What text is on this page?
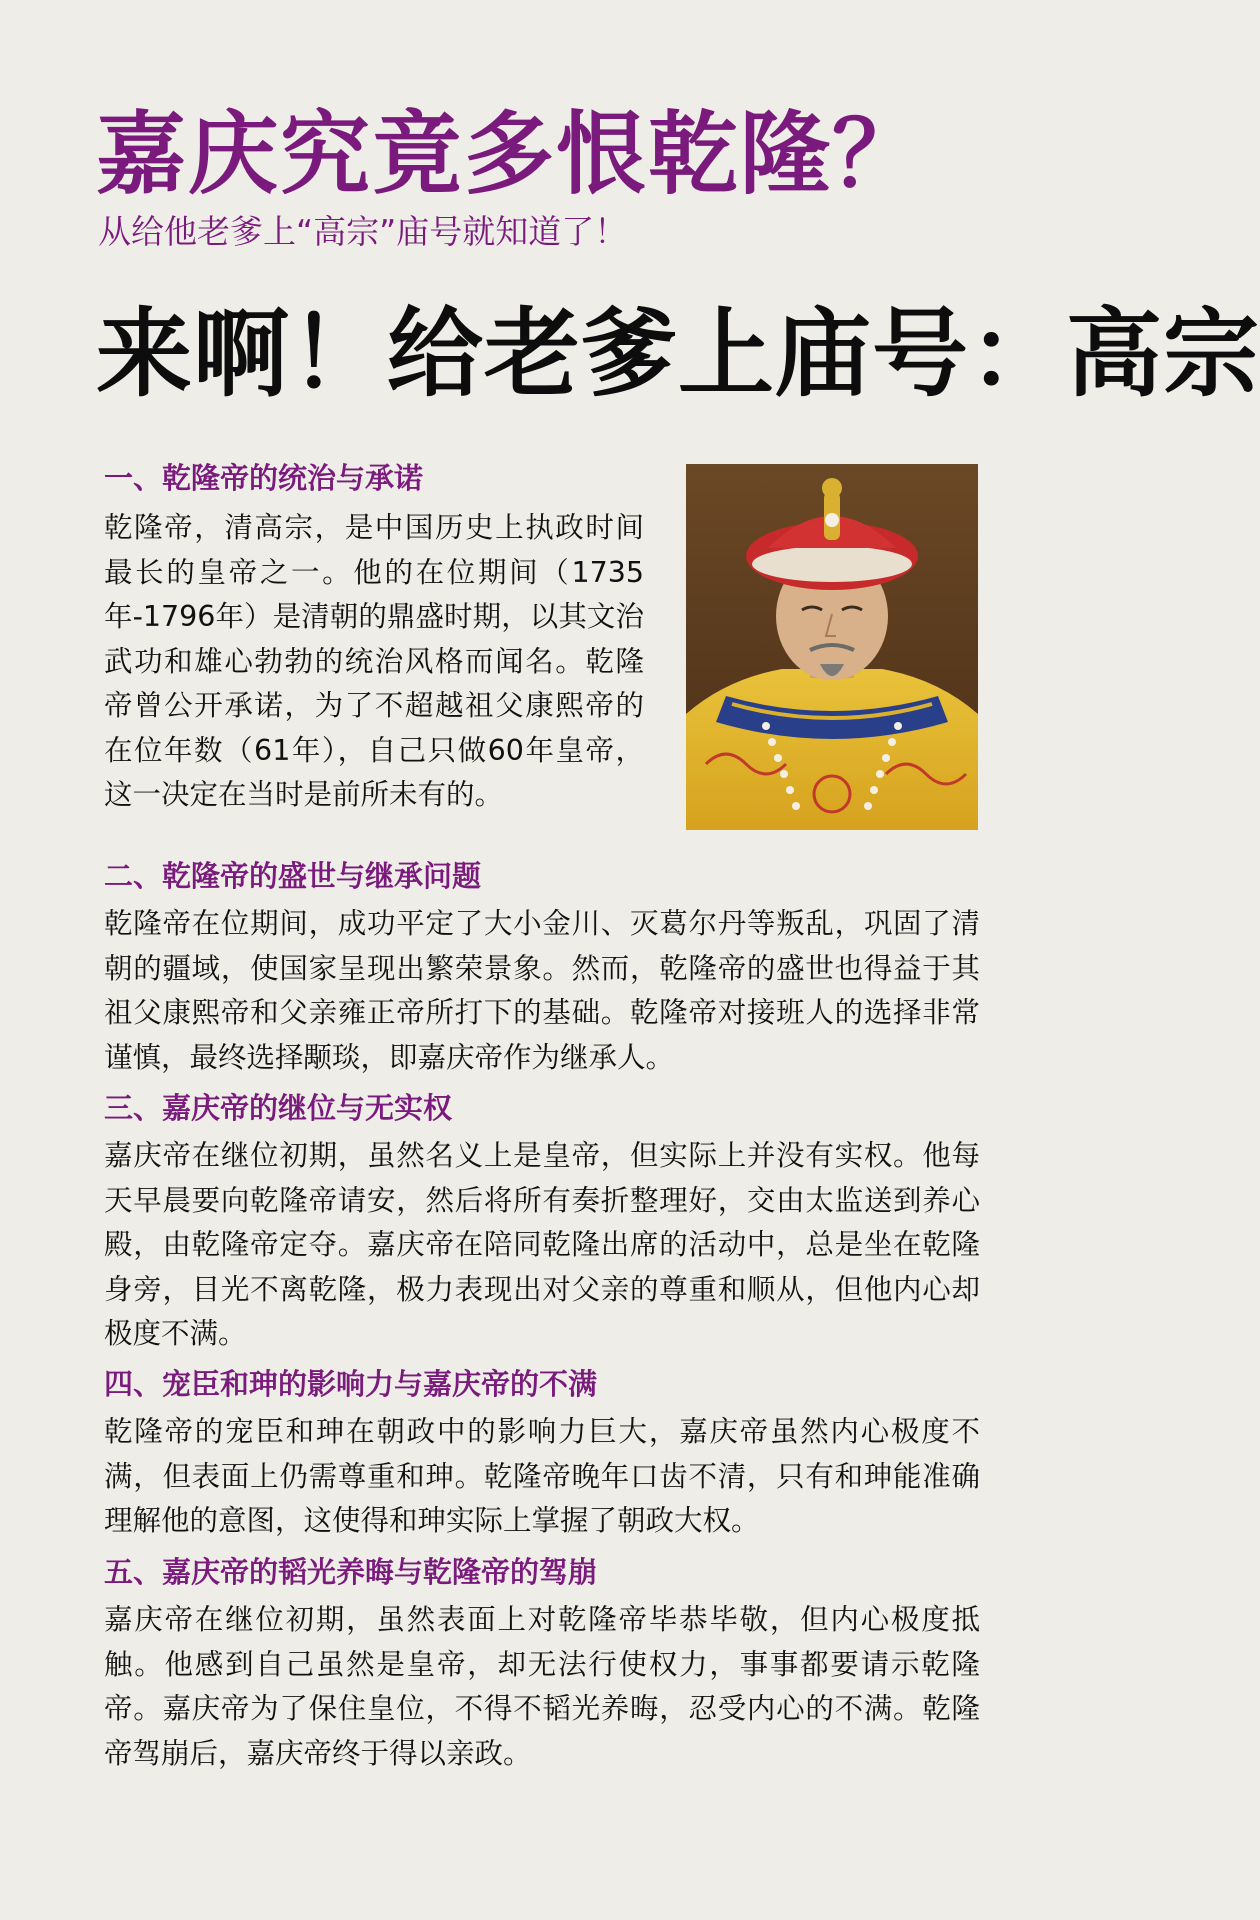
嘉庆究竟多恨乾隆？
从给他老爹上“高宗”庙号就知道了！
来啊！给老爹上庙号：高宗
一、乾隆帝的统治与承诺
乾隆帝，清高宗，是中国历史上执政时间最长的皇帝之一。他的在位期间（1735年-1796年）是清朝的鼎盛时期，以其文治武功和雄心勃勃的统治风格而闻名。乾隆帝曾公开承诺，为了不超越祖父康熙帝的在位年数（61年），自己只做60年皇帝，这一决定在当时是前所未有的。
二、乾隆帝的盛世与继承问题
乾隆帝在位期间，成功平定了大小金川、灭葛尔丹等叛乱，巩固了清朝的疆域，使国家呈现出繁荣景象。然而，乾隆帝的盛世也得益于其祖父康熙帝和父亲雍正帝所打下的基础。乾隆帝对接班人的选择非常谨慎，最终选择颙琰，即嘉庆帝作为继承人。
三、嘉庆帝的继位与无实权
嘉庆帝在继位初期，虽然名义上是皇帝，但实际上并没有实权。他每天早晨要向乾隆帝请安，然后将所有奏折整理好，交由太监送到养心殿，由乾隆帝定夺。嘉庆帝在陪同乾隆出席的活动中，总是坐在乾隆身旁，目光不离乾隆，极力表现出对父亲的尊重和顺从，但他内心却极度不满。
四、宠臣和珅的影响力与嘉庆帝的不满
乾隆帝的宠臣和珅在朝政中的影响力巨大，嘉庆帝虽然内心极度不满，但表面上仍需尊重和珅。乾隆帝晚年口齿不清，只有和珅能准确理解他的意图，这使得和珅实际上掌握了朝政大权。
五、嘉庆帝的韬光养晦与乾隆帝的驾崩
嘉庆帝在继位初期，虽然表面上对乾隆帝毕恭毕敬，但内心极度抵触。他感到自己虽然是皇帝，却无法行使权力，事事都要请示乾隆帝。嘉庆帝为了保住皇位，不得不韬光养晦，忍受内心的不满。乾隆帝驾崩后，嘉庆帝终于得以亲政。
